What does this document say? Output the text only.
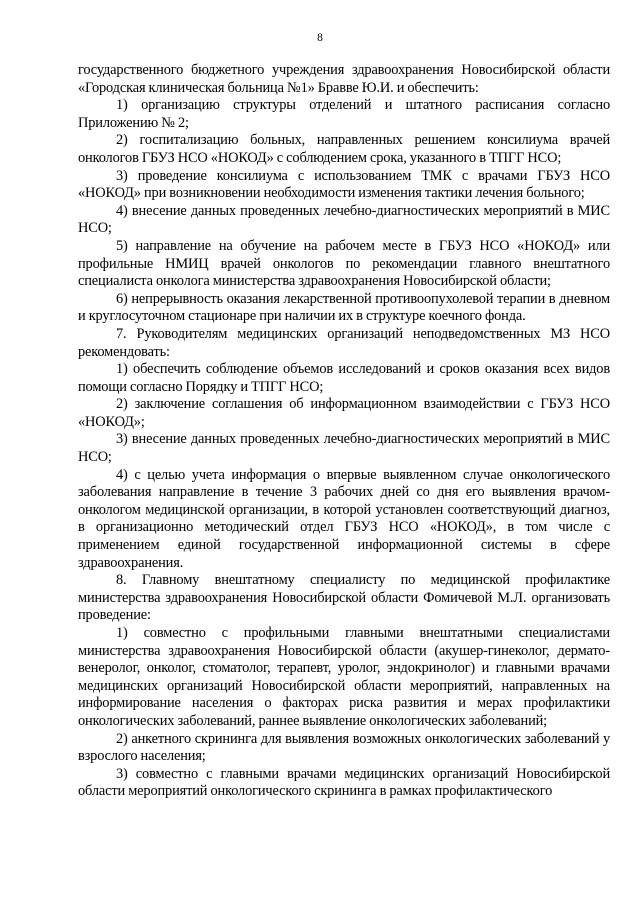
8

государственного бюджетного учреждения здравоохранения Новосибирской области «Городская клиническая больница №1» Бравве Ю.И. и обеспечить:

1) организацию структуры отделений и штатного расписания согласно Приложению № 2;

2) госпитализацию больных, направленных решением консилиума врачей онкологов ГБУЗ НСО «НОКОД» с соблюдением срока, указанного в ТПГГ НСО;

3) проведение консилиума с использованием ТМК с врачами ГБУЗ НСО «НОКОД» при возникновении необходимости изменения тактики лечения больного;

4) внесение данных проведенных лечебно-диагностических мероприятий в МИС НСО;

5) направление на обучение на рабочем месте в ГБУЗ НСО «НОКОД» или профильные НМИЦ врачей онкологов по рекомендации главного внештатного специалиста онколога министерства здравоохранения Новосибирской области;

6) непрерывность оказания лекарственной противоопухолевой терапии в дневном и круглосуточном стационаре при наличии их в структуре коечного фонда.

7. Руководителям медицинских организаций неподведомственных МЗ НСО рекомендовать:

1) обеспечить соблюдение объемов исследований и сроков оказания всех видов помощи согласно Порядку и ТПГГ НСО;

2) заключение соглашения об информационном взаимодействии с ГБУЗ НСО «НОКОД»;

3) внесение данных проведенных лечебно-диагностических мероприятий в МИС НСО;

4) с целью учета информация о впервые выявленном случае онкологического заболевания направление в течение 3 рабочих дней со дня его выявления врачом-онкологом медицинской организации, в которой установлен соответствующий диагноз, в организационно методический отдел ГБУЗ НСО «НОКОД», в том числе с применением единой государственной информационной системы в сфере здравоохранения.

8. Главному внештатному специалисту по медицинской профилактике министерства здравоохранения Новосибирской области Фомичевой М.Л. организовать проведение:

1) совместно с профильными главными внештатными специалистами министерства здравоохранения Новосибирской области (акушер-гинеколог, дермато-венеролог, онколог, стоматолог, терапевт, уролог, эндокринолог) и главными врачами медицинских организаций Новосибирской области мероприятий, направленных на информирование населения о факторах риска развития и мерах профилактики онкологических заболеваний, раннее выявление онкологических заболеваний;

2) анкетного скрининга для выявления возможных онкологических заболеваний у взрослого населения;

3) совместно с главными врачами медицинских организаций Новосибирской области мероприятий онкологического скрининга в рамках профилактического
